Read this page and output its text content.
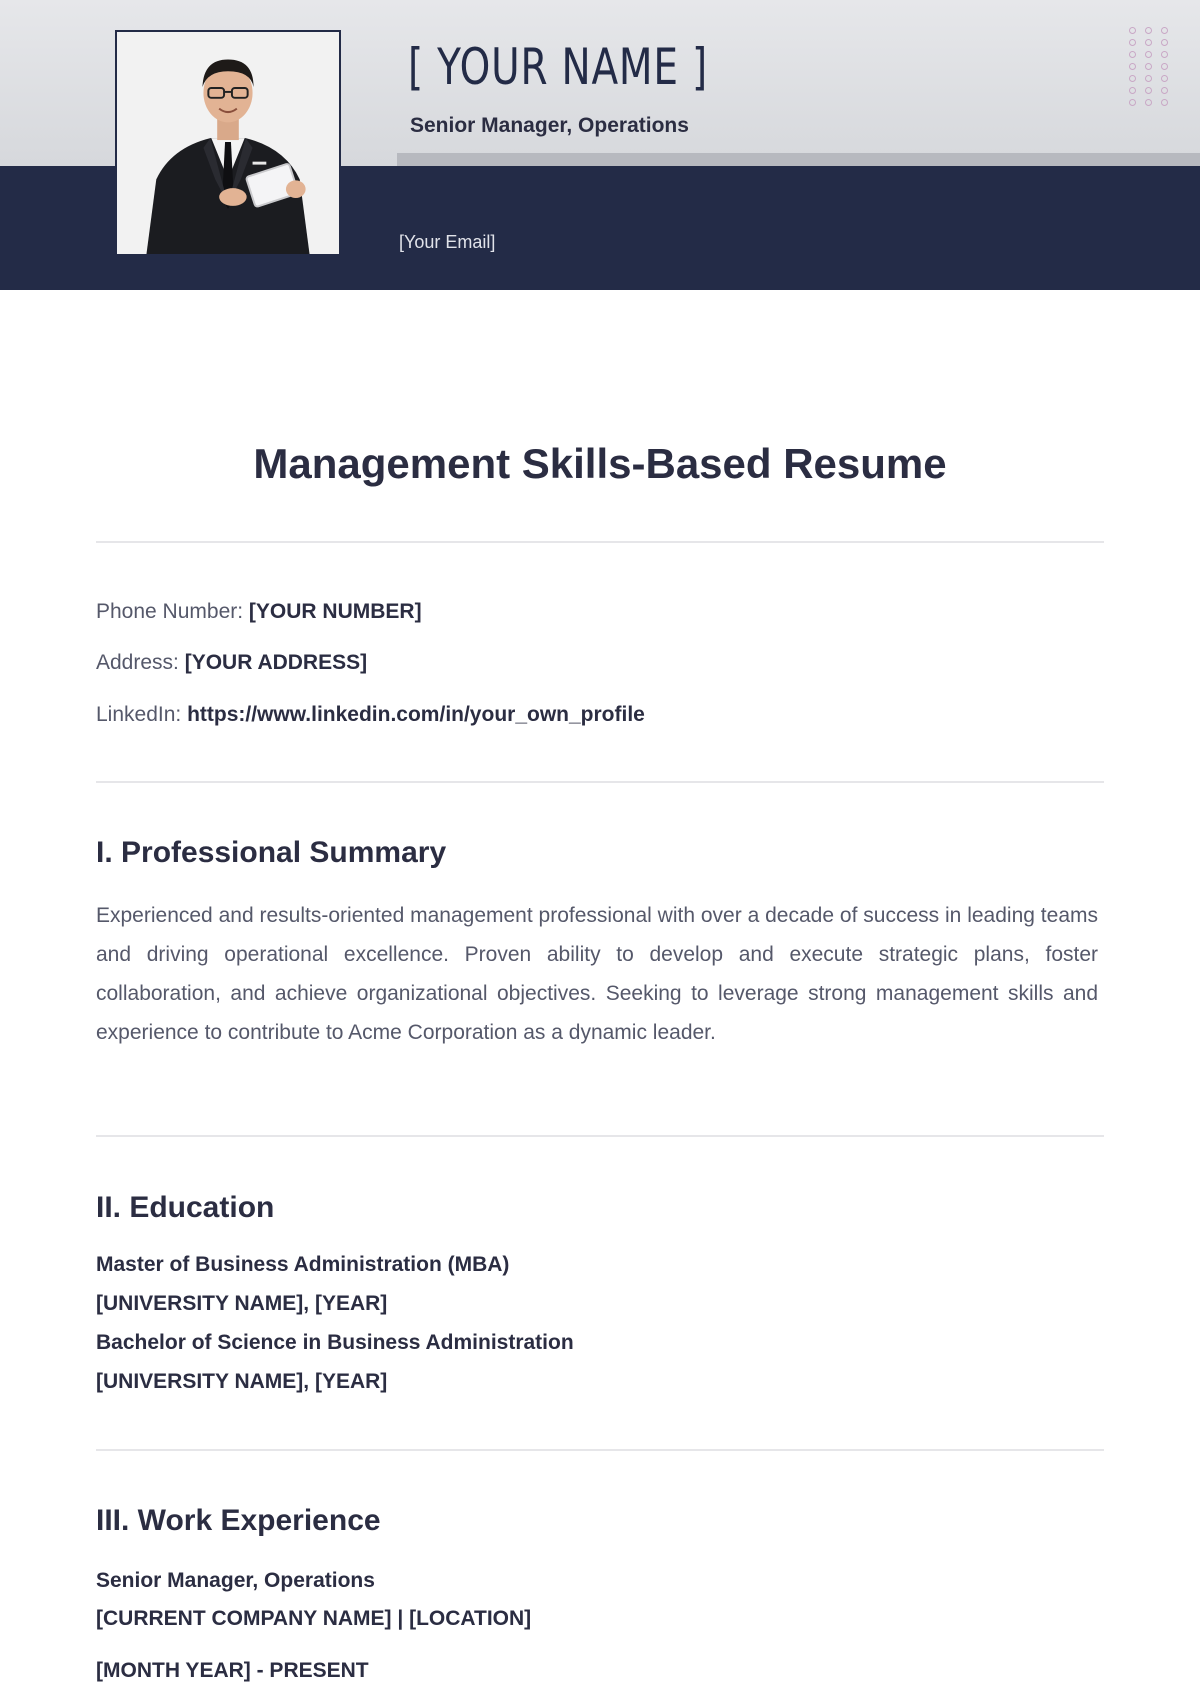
[ YOUR NAME ]
Senior Manager, Operations
[Your Email]
Management Skills-Based Resume
Phone Number: [YOUR NUMBER]
Address: [YOUR ADDRESS]
LinkedIn: https://www.linkedin.com/in/your_own_profile
I. Professional Summary

Experienced and results-oriented management professional with over a decade of success in leading teams and driving operational excellence. Proven ability to develop and execute strategic plans, foster collaboration, and achieve organizational objectives. Seeking to leverage strong management skills and experience to contribute to Acme Corporation as a dynamic leader.

II. Education
Master of Business Administration (MBA)
[UNIVERSITY NAME], [YEAR]
Bachelor of Science in Business Administration
[UNIVERSITY NAME], [YEAR]
III. Work Experience
Senior Manager, Operations
[CURRENT COMPANY NAME] | [LOCATION]
[MONTH YEAR] - PRESENT
